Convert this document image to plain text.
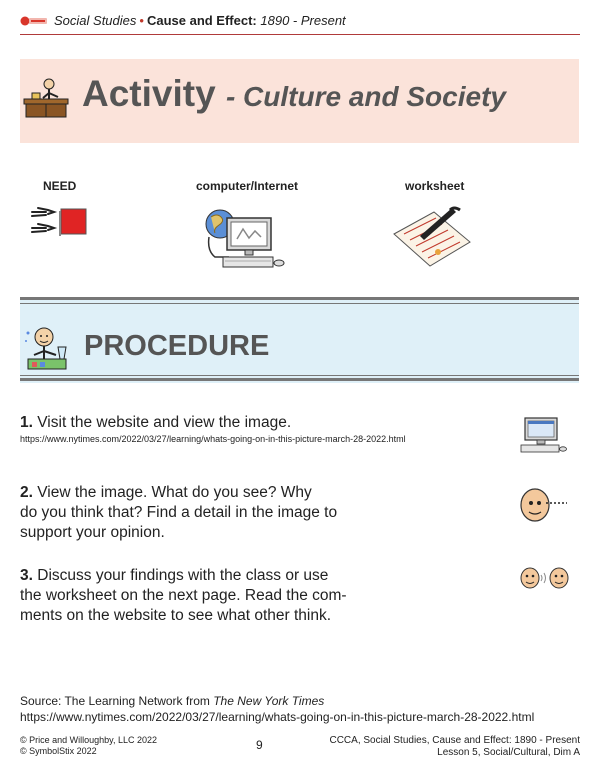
Social Studies • Cause and Effect: 1890 - Present
Activity - Culture and Society
NEED	computer/Internet	worksheet
PROCEDURE
1. Visit the website and view the image.
https://www.nytimes.com/2022/03/27/learning/whats-going-on-in-this-picture-march-28-2022.html
2. View the image. What do you see? Why
do you think that? Find a detail in the image to
support your opinion.
3. Discuss your findings with the class or use
the worksheet on the next page. Read the com-
ments on the website to see what other think.
Source: The Learning Network from The New York Times
https://www.nytimes.com/2022/03/27/learning/whats-going-on-in-this-picture-march-28-2022.html
© Price and Willoughby, LLC 2022
© SymbolStix 2022	9	CCCA, Social Studies, Cause and Effect: 1890 - Present
Lesson 5, Social/Cultural, Dim A
